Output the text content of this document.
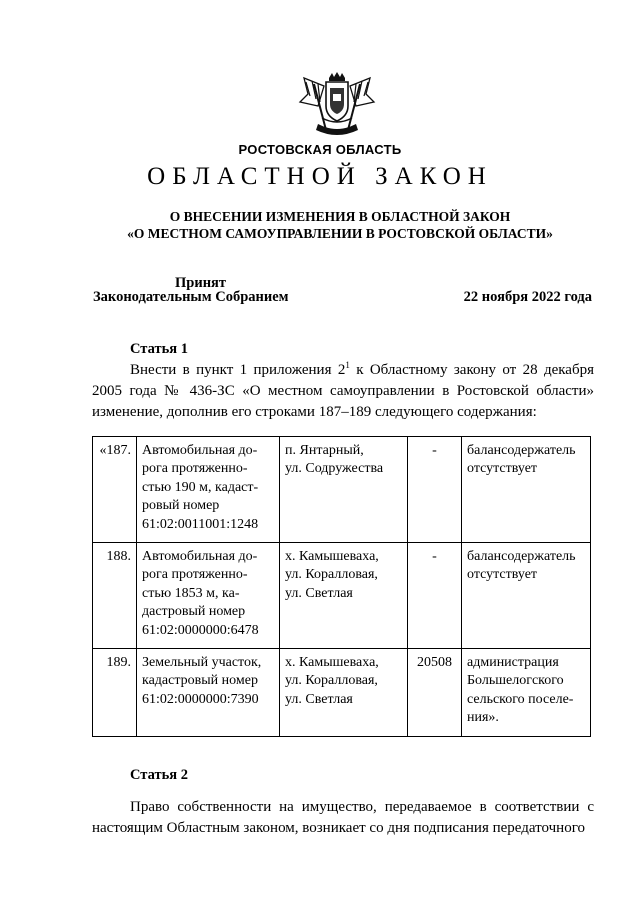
РОСТОВСКАЯ ОБЛАСТЬ
ОБЛАСТНОЙ ЗАКОН
О ВНЕСЕНИИ ИЗМЕНЕНИЯ В ОБЛАСТНОЙ ЗАКОН
«О МЕСТНОМ САМОУПРАВЛЕНИИ В РОСТОВСКОЙ ОБЛАСТИ»
Принят
Законодательным Собранием	22 ноября 2022 года
Статья 1
Внести в пункт 1 приложения $2^1$ к Областному закону от 28 декабря 2005 года № 436-ЗС «О местном самоуправлении в Ростовской области» изменение, дополнив его строками 187–189 следующего содержания:
«187.	Автомобильная до-
рога протяженно-
стью 190 м, кадаст-
ровый номер
61:02:0011001:1248	п. Янтарный,
ул. Содружества	-	балансодержатель
отсутствует

188.	Автомобильная до-
рога протяженно-
стью 1853 м, ка-
дастровый номер
61:02:0000000:6478	х. Камышеваха,
ул. Коралловая,
ул. Светлая	-	балансодержатель
отсутствует

189.	Земельный участок,
кадастровый номер
61:02:0000000:7390	х. Камышеваха,
ул. Коралловая,
ул. Светлая	20508	администрация
Большелогского
сельского поселе-
ния».
Статья 2
Право собственности на имущество, передаваемое в соответствии с настоящим Областным законом, возникает со дня подписания передаточного
